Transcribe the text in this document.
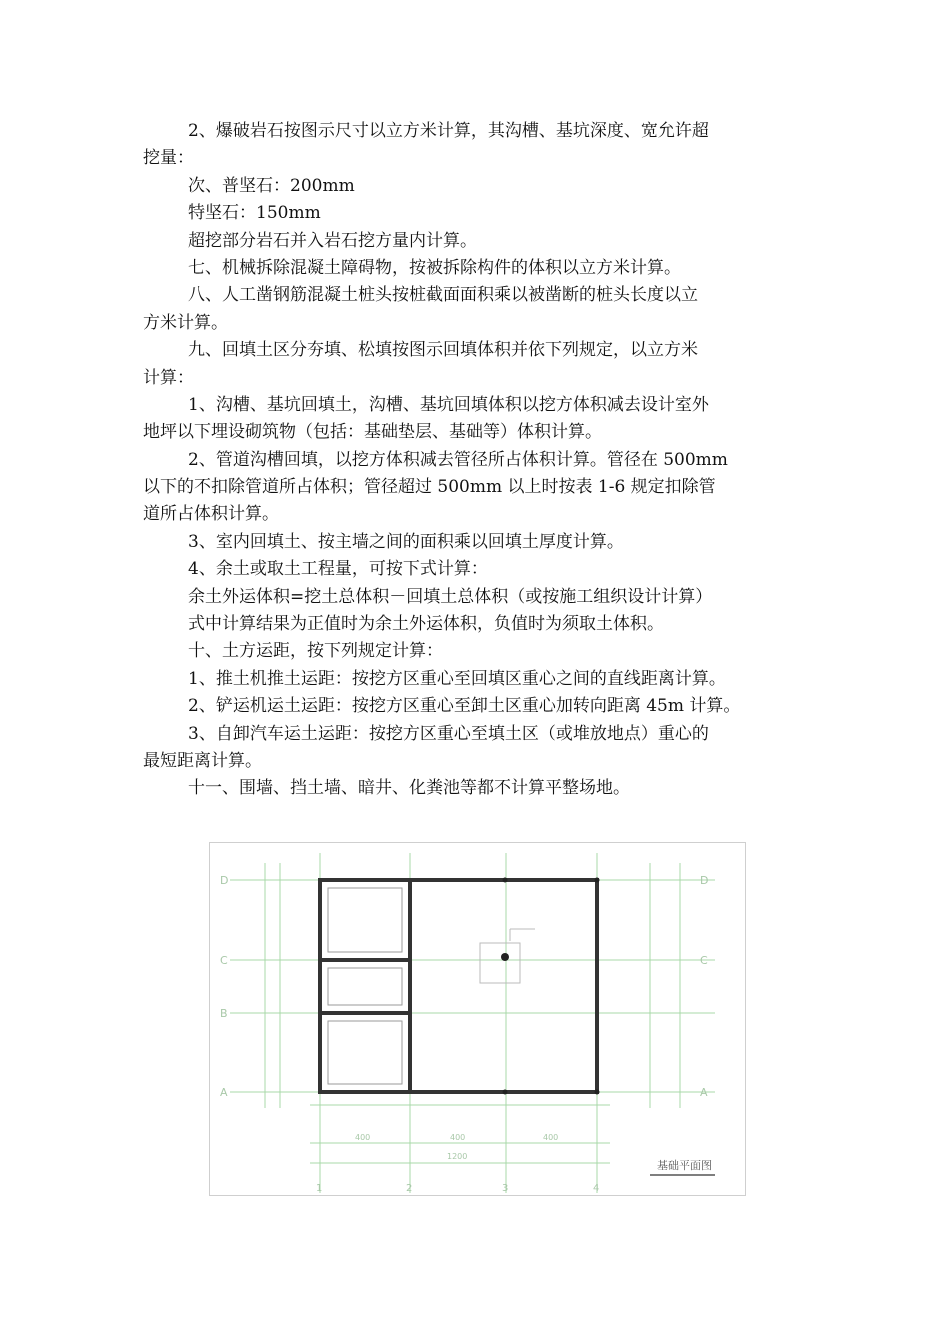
2、爆破岩石按图示尺寸以立方米计算，其沟槽、基坑深度、宽允许超
挖量：
次、普坚石：200mm
特坚石：150mm
超挖部分岩石并入岩石挖方量内计算。
七、机械拆除混凝土障碍物，按被拆除构件的体积以立方米计算。
八、人工凿钢筋混凝土桩头按桩截面面积乘以被凿断的桩头长度以立
方米计算。
九、回填土区分夯填、松填按图示回填体积并依下列规定，以立方米
计算：
1、沟槽、基坑回填土，沟槽、基坑回填体积以挖方体积减去设计室外
地坪以下埋设砌筑物（包括：基础垫层、基础等）体积计算。
2、管道沟槽回填，以挖方体积减去管径所占体积计算。管径在 500mm
以下的不扣除管道所占体积；管径超过 500mm 以上时按表 1-6 规定扣除管
道所占体积计算。
3、室内回填土、按主墙之间的面积乘以回填土厚度计算。
4、余土或取土工程量，可按下式计算：
余土外运体积=挖土总体积－回填土总体积（或按施工组织设计计算）
式中计算结果为正值时为余土外运体积，负值时为须取土体积。
十、土方运距，按下列规定计算：
1、推土机推土运距：按挖方区重心至回填区重心之间的直线距离计算。
2、铲运机运土运距：按挖方区重心至卸土区重心加转向距离 45m 计算。
3、自卸汽车运土运距：按挖方区重心至填土区（或堆放地点）重心的
最短距离计算。
十一、围墙、挡土墙、暗井、化粪池等都不计算平整场地。
D
C
B
A
D
C
A
1	2	3	4
400	400	400
1200
基础平面图
